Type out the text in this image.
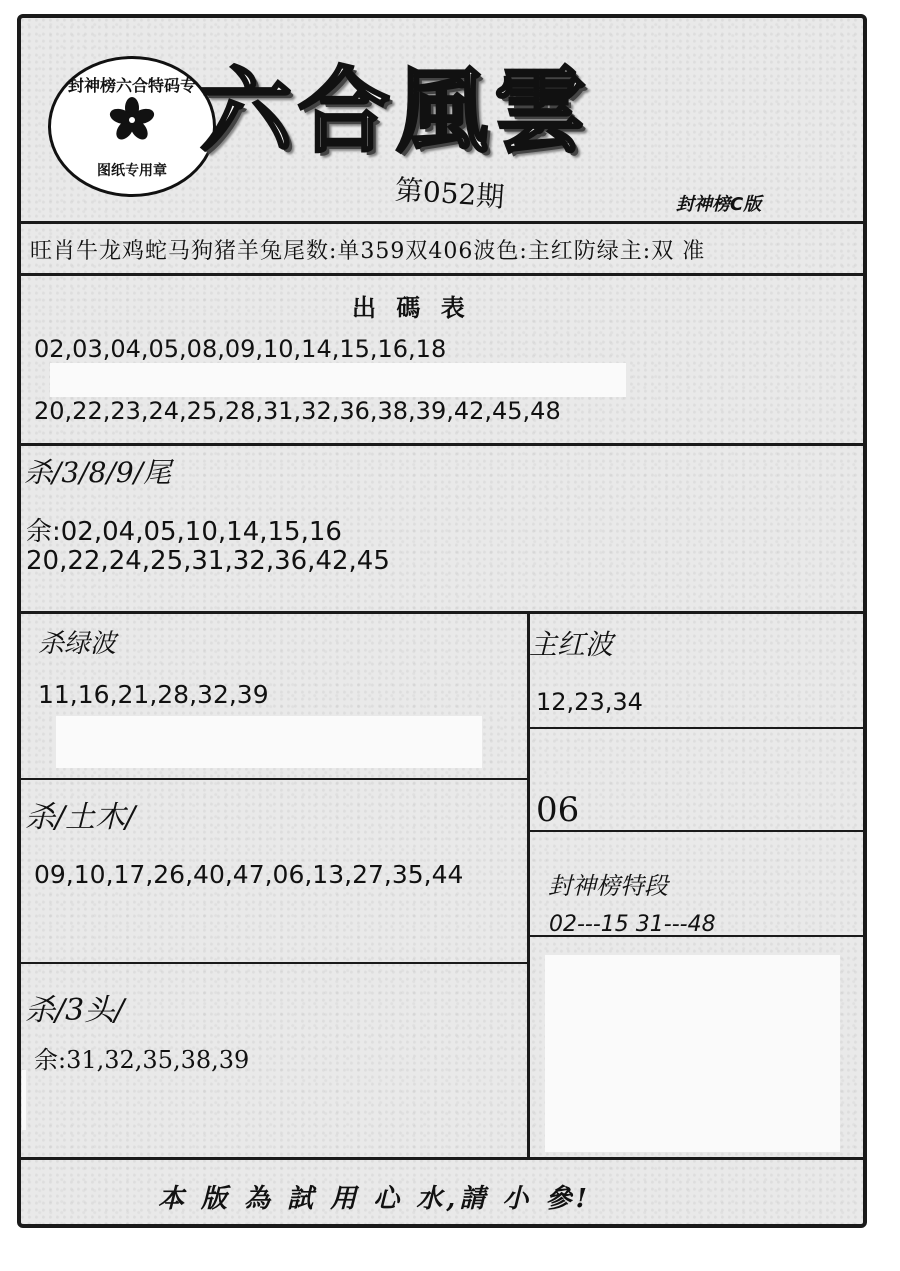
封神榜六合特码专
图纸专用章
六合風雲
第052期	封神榜C版
旺肖牛龙鸡蛇马狗猪羊兔尾数:单359双406波色:主红防绿主:双 准
出 碼 表
02,03,04,05,08,09,10,14,15,16,18
20,22,23,24,25,28,31,32,36,38,39,42,45,48
杀/3/8/9/尾
余:02,04,05,10,14,15,16
20,22,24,25,31,32,36,42,45
杀绿波
11,16,21,28,32,39
主红波
12,23,34
杀/土木/
09,10,17,26,40,47,06,13,27,35,44
06
封神榜特段
02---15 31---48
杀/3头/
余:31,32,35,38,39
本 版 為 試 用 心 水,請 小 參!
